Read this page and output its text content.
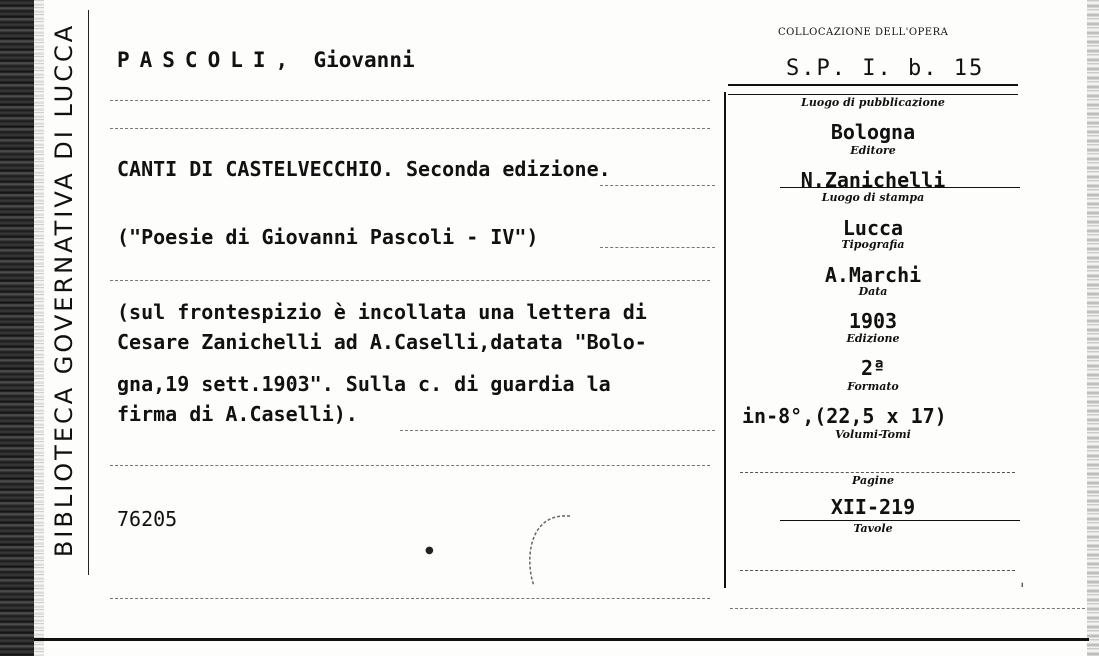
BIBLIOTECA GOVERNATIVA DI LUCCA PASCOLI, Giovanni
CANTI DI CASTELVECCHIO. Seconda edizione.
("Poesie di Giovanni Pascoli - IV")
(sul frontespizio è incollata una lettera di
Cesare Zanichelli ad A.Caselli,datata "Bolo-
gna,19 sett.1903". Sulla c. di guardia la
firma di A.Caselli).
76205
●
COLLOCAZIONE DELL'OPERA
S.P. I. b. 15
Luogo di pubblicazione
Bologna
Editore
N.Zanichelli
Luogo di stampa
Lucca
Tipografia
A.Marchi
Data
1903
Edizione
2ª
Formato
in-8°,(22,5 x 17)
Volumi-Tomi
Pagine
XII-219
Tavole
ˈ
